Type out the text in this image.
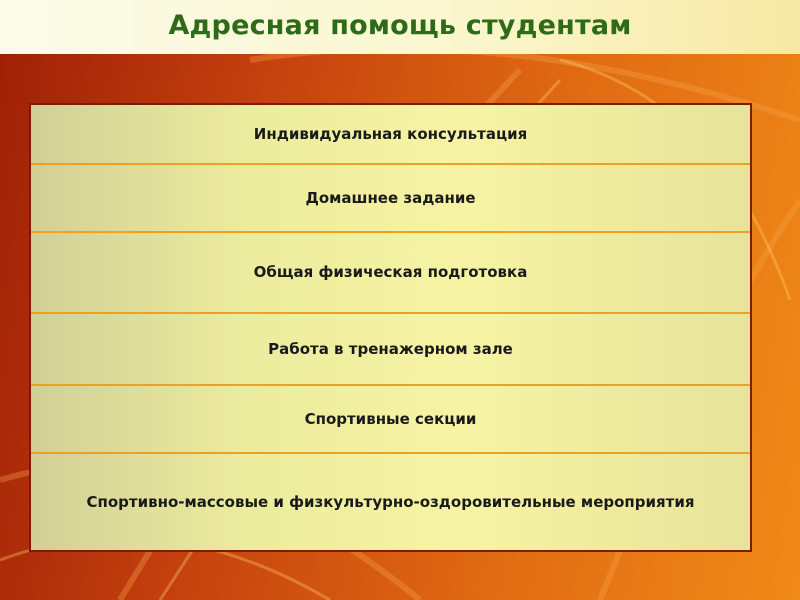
Адресная помощь студентам
Индивидуальная консультация
Домашнее задание
Общая физическая подготовка
Работа в тренажерном зале
Спортивные секции
Спортивно-массовые и физкультурно-оздоровительные мероприятия
